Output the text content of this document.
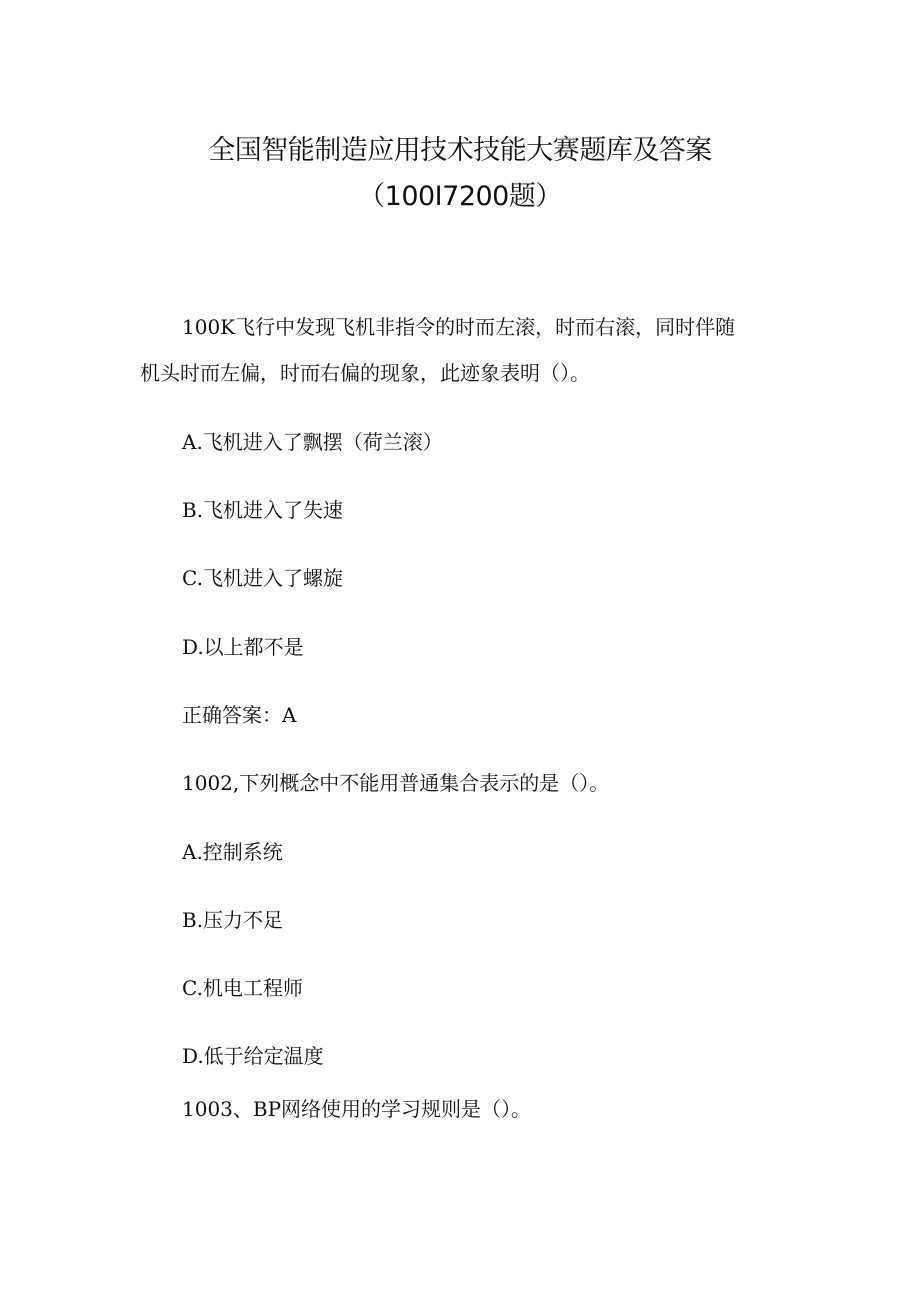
全国智能制造应用技术技能大赛题库及答案
（100I7200题）

100K飞行中发现飞机非指令的时而左滚，时而右滚，同时伴随

机头时而左偏，时而右偏的现象，此迹象表明（）。

A.飞机进入了飘摆（荷兰滚）

B.飞机进入了失速

C.飞机进入了螺旋

D.以上都不是

正确答案：A

1002,下列概念中不能用普通集合表示的是（）。

A.控制系统

B.压力不足

C.机电工程师

D.低于给定温度

1003、BP网络使用的学习规则是（）。
